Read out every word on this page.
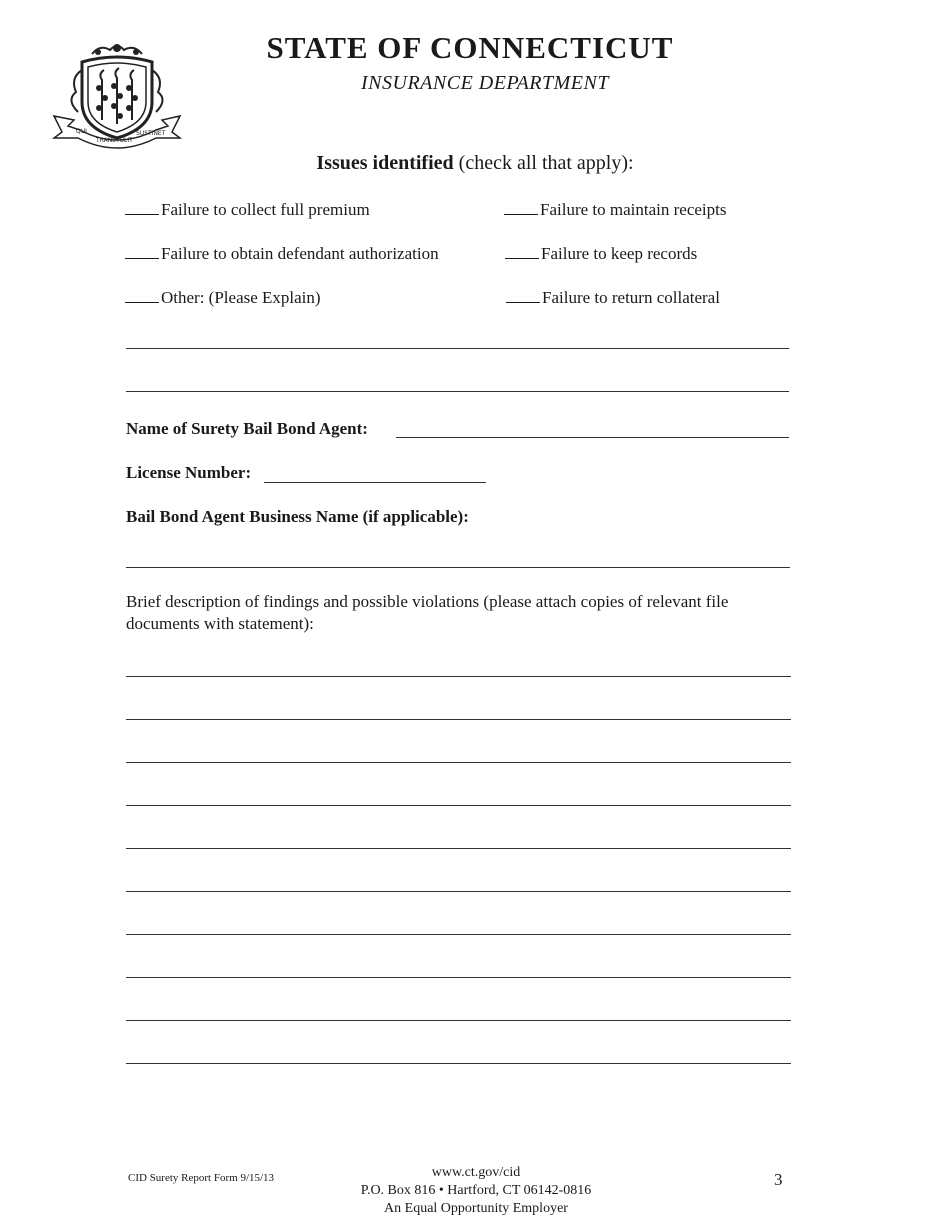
QUI
TRANSTULIT
SUSTINET
STATE OF CONNECTICUT
INSURANCE DEPARTMENT
Issues identified (check all that apply):
Failure to collect full premium
Failure to obtain defendant authorization
Other: (Please Explain)
Failure to maintain receipts
Failure to keep records
Failure to return collateral
Name of Surety Bail Bond Agent:
License Number:
Bail Bond Agent Business Name (if applicable):
Brief description of findings and possible violations (please attach copies of relevant file documents with statement):
CID Surety Report Form 9/15/13	www.ct.gov/cid
P.O. Box 816 • Hartford, CT 06142-0816
An Equal Opportunity Employer
3
